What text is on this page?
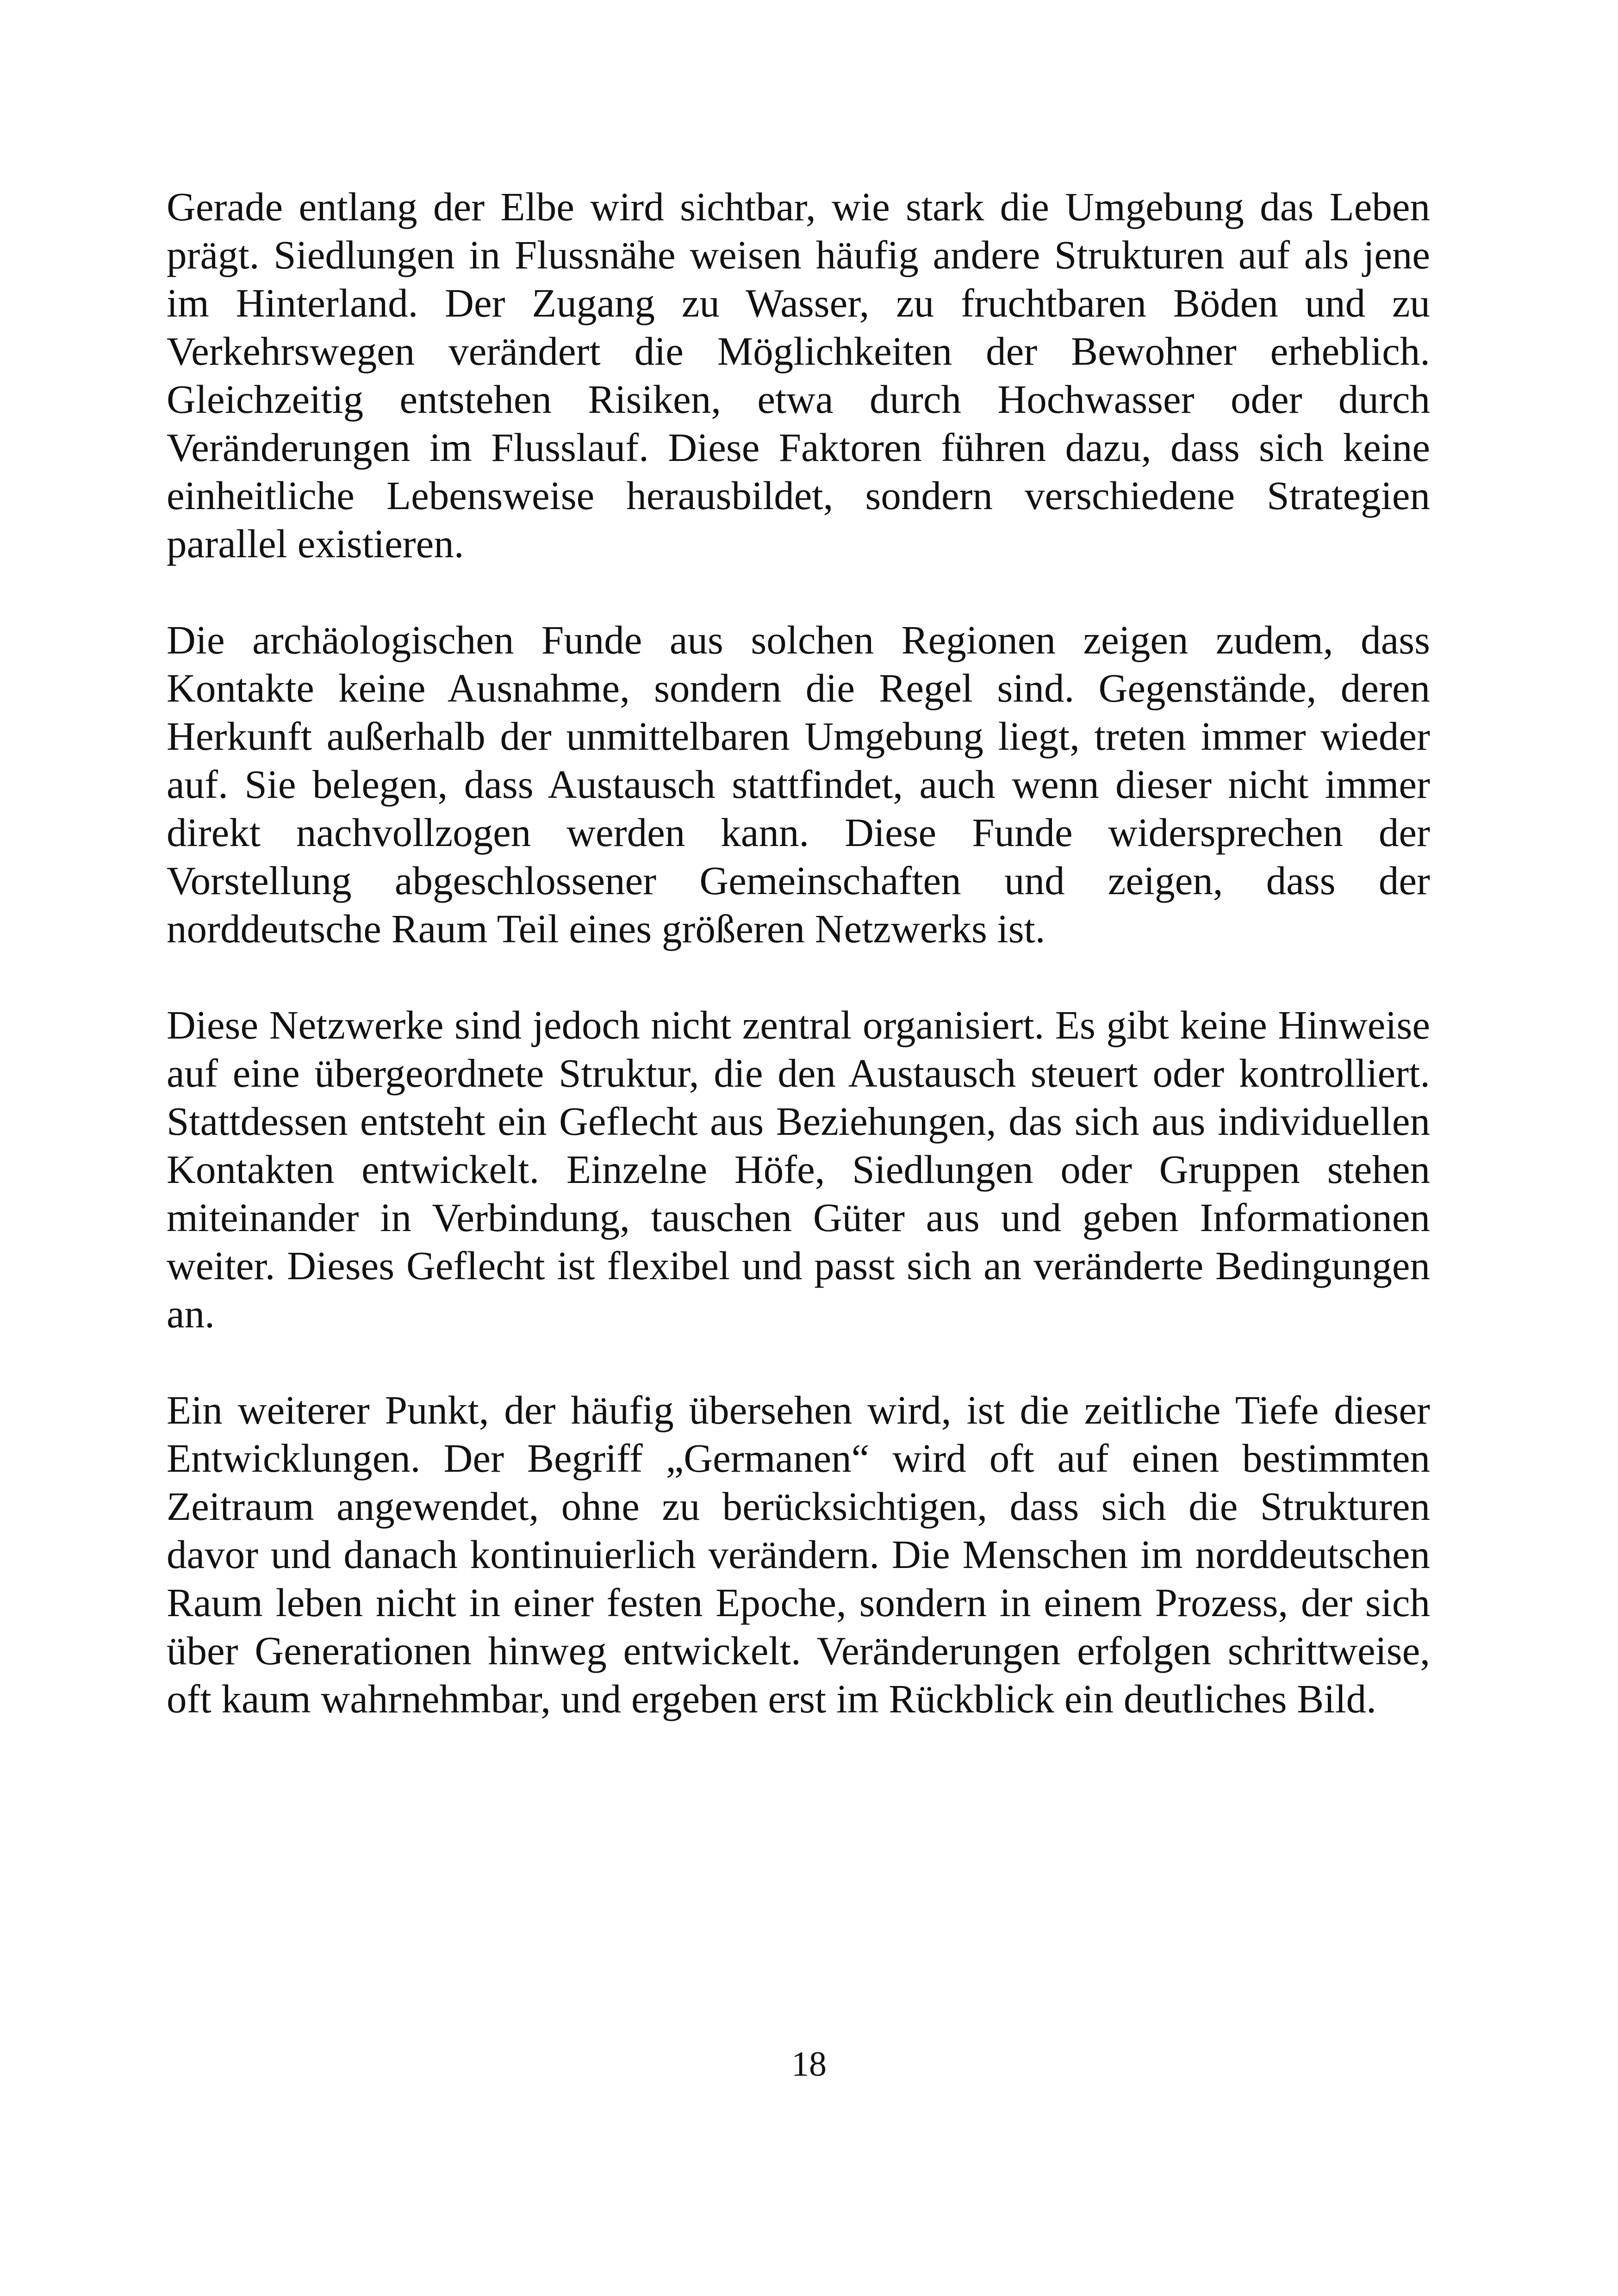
Gerade entlang der Elbe wird sichtbar, wie stark die Umgebung das Leben prägt. Siedlungen in Flussnähe weisen häufig andere Strukturen auf als jene im Hinterland. Der Zugang zu Wasser, zu fruchtbaren Böden und zu Verkehrswegen verändert die Möglichkeiten der Bewohner erheblich. Gleichzeitig entstehen Risiken, etwa durch Hochwasser oder durch Veränderungen im Flusslauf. Diese Faktoren führen dazu, dass sich keine einheitliche Lebensweise herausbildet, sondern verschiedene Strategien parallel existieren.

Die archäologischen Funde aus solchen Regionen zeigen zudem, dass Kontakte keine Ausnahme, sondern die Regel sind. Gegenstände, deren Herkunft außerhalb der unmittelbaren Umgebung liegt, treten immer wieder auf. Sie belegen, dass Austausch stattfindet, auch wenn dieser nicht immer direkt nachvollzogen werden kann. Diese Funde widersprechen der Vorstellung abgeschlossener Gemeinschaften und zeigen, dass der norddeutsche Raum Teil eines größeren Netzwerks ist.

Diese Netzwerke sind jedoch nicht zentral organisiert. Es gibt keine Hinweise auf eine übergeordnete Struktur, die den Austausch steuert oder kontrolliert. Stattdessen entsteht ein Geflecht aus Beziehungen, das sich aus individuellen Kontakten entwickelt. Einzelne Höfe, Siedlungen oder Gruppen stehen miteinander in Verbindung, tauschen Güter aus und geben Informationen weiter. Dieses Geflecht ist flexibel und passt sich an veränderte Bedingungen an.

Ein weiterer Punkt, der häufig übersehen wird, ist die zeitliche Tiefe dieser Entwicklungen. Der Begriff „Germanen“ wird oft auf einen bestimmten Zeitraum angewendet, ohne zu berücksichtigen, dass sich die Strukturen davor und danach kontinuierlich verändern. Die Menschen im norddeutschen Raum leben nicht in einer festen Epoche, sondern in einem Prozess, der sich über Generationen hinweg entwickelt. Veränderungen erfolgen schrittweise, oft kaum wahrnehmbar, und ergeben erst im Rückblick ein deutliches Bild.

18
